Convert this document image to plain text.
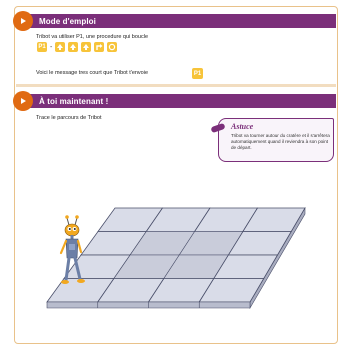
Mode d'emploi
Tribot va utiliser P1, une procedure qui boucle
P1 -
Voici le message tres court que Tribot t'envoie	P1
À toi maintenant !
Trace le parcours de Tribot
Astuce
Tribot va tourner autour du cratère et il s'arrêtera automatiquement quand il reviendra à son point de départ.
